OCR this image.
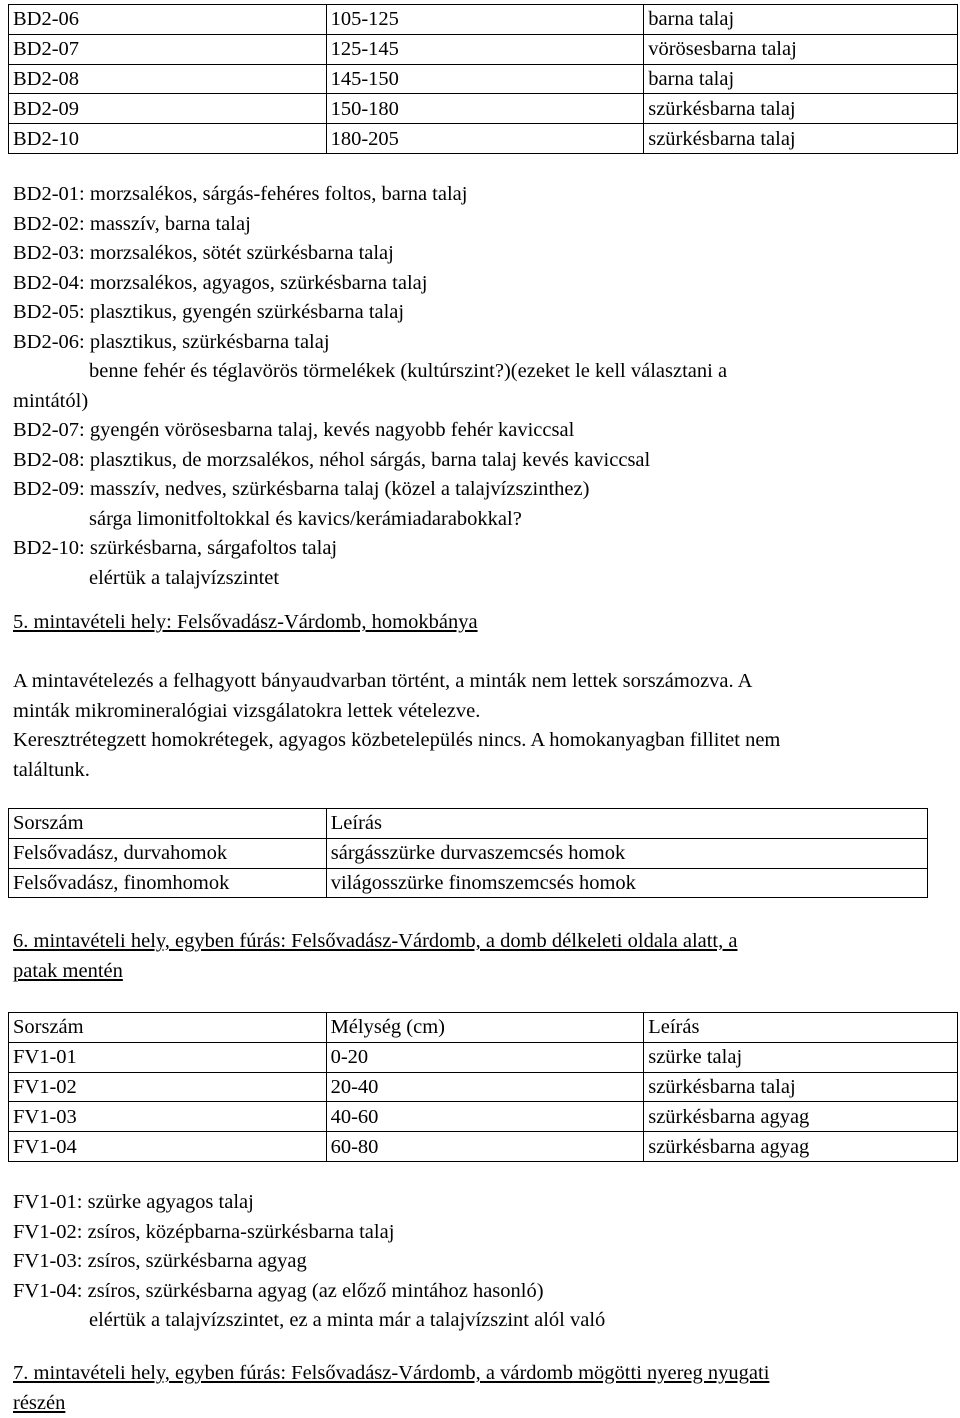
BD2-06	105-125	barna talaj
BD2-07	125-145	vörösesbarna talaj
BD2-08	145-150	barna talaj
BD2-09	150-180	szürkésbarna talaj
BD2-10	180-205	szürkésbarna talaj
BD2-01: morzsalékos, sárgás-fehéres foltos, barna talaj
BD2-02: masszív, barna talaj
BD2-03: morzsalékos, sötét szürkésbarna talaj
BD2-04: morzsalékos, agyagos, szürkésbarna talaj
BD2-05: plasztikus, gyengén szürkésbarna talaj
BD2-06: plasztikus, szürkésbarna talaj
benne fehér és téglavörös törmelékek (kultúrszint?)(ezeket le kell választani a
mintától)
BD2-07: gyengén vörösesbarna talaj, kevés nagyobb fehér kaviccsal
BD2-08: plasztikus, de morzsalékos, néhol sárgás, barna talaj kevés kaviccsal
BD2-09: masszív, nedves, szürkésbarna talaj (közel a talajvízszinthez)
sárga limonitfoltokkal és kavics/kerámiadarabokkal?
BD2-10: szürkésbarna, sárgafoltos talaj
elértük a talajvízszintet
5. mintavételi hely: Felsővadász-Várdomb, homokbánya
A mintavételezés a felhagyott bányaudvarban történt, a minták nem lettek sorszámozva. A
minták mikromineralógiai vizsgálatokra lettek vételezve.
Keresztrétegzett homokrétegek, agyagos közbetelepülés nincs. A homokanyagban fillitet nem
találtunk.
Sorszám	Leírás
Felsővadász, durvahomok	sárgásszürke durvaszemcsés homok
Felsővadász, finomhomok	világosszürke finomszemcsés homok
6. mintavételi hely, egyben fúrás: Felsővadász-Várdomb, a domb délkeleti oldala alatt, a
patak mentén
Sorszám	Mélység (cm)	Leírás
FV1-01	0-20	szürke talaj
FV1-02	20-40	szürkésbarna talaj
FV1-03	40-60	szürkésbarna agyag
FV1-04	60-80	szürkésbarna agyag
FV1-01: szürke agyagos talaj
FV1-02: zsíros, középbarna-szürkésbarna talaj
FV1-03: zsíros, szürkésbarna agyag
FV1-04: zsíros, szürkésbarna agyag (az előző mintához hasonló)
elértük a talajvízszintet, ez a minta már a talajvízszint alól való
7. mintavételi hely, egyben fúrás: Felsővadász-Várdomb, a várdomb mögötti nyereg nyugati
részén
